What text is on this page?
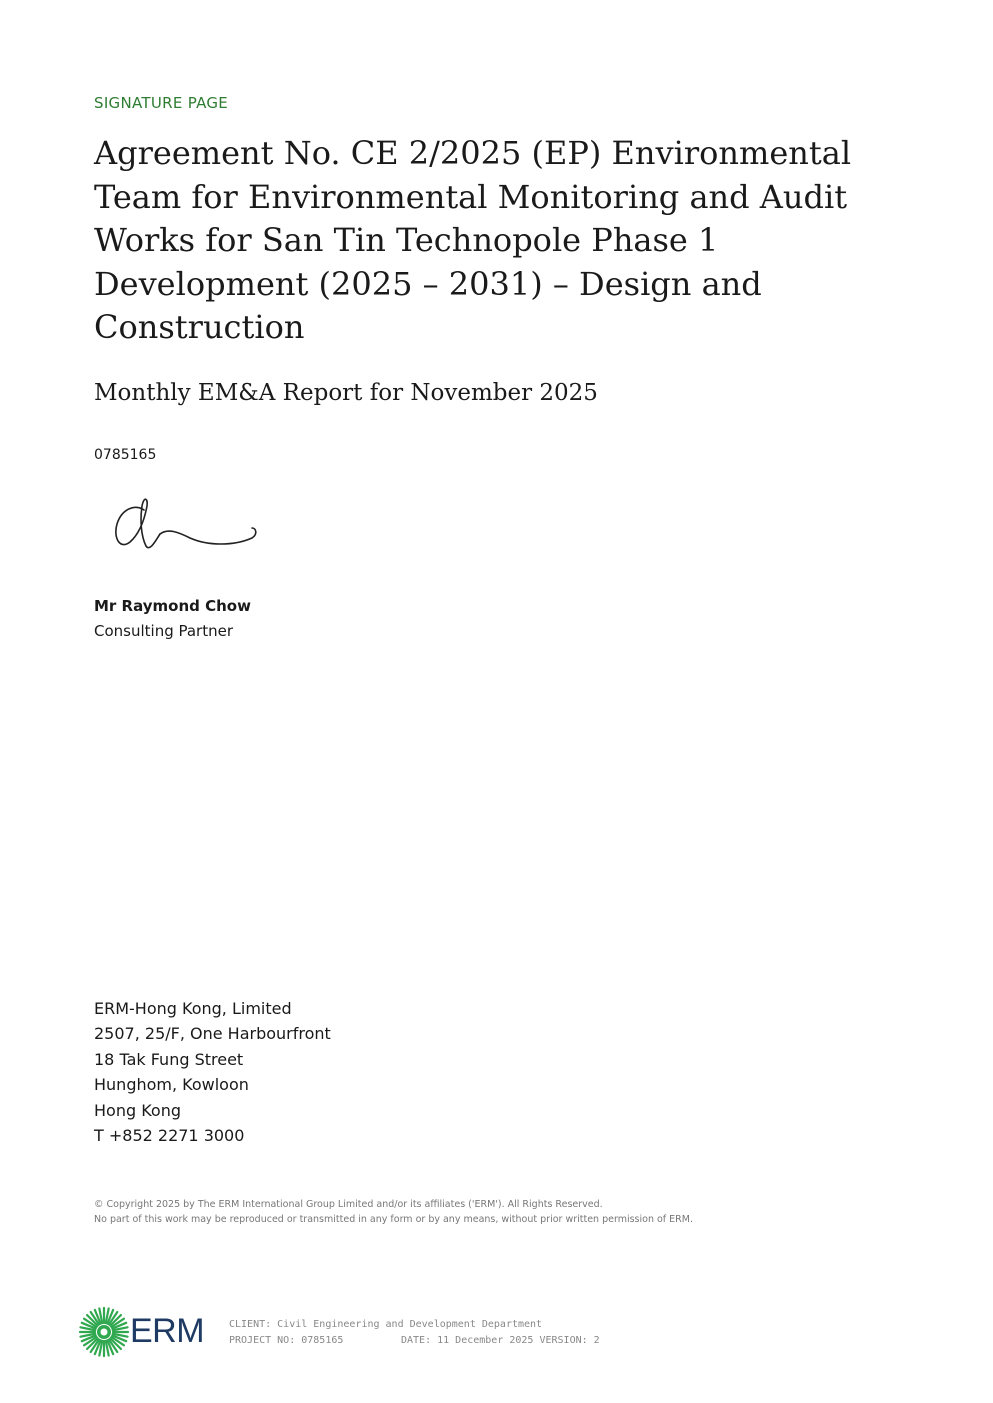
SIGNATURE PAGE
Agreement No. CE 2/2025 (EP) Environmental Team for Environmental Monitoring and Audit Works for San Tin Technopole Phase 1 Development (2025 – 2031) – Design and Construction
Monthly EM&A Report for November 2025
0785165
Mr Raymond Chow
Consulting Partner
ERM-Hong Kong, Limited
2507, 25/F, One Harbourfront
18 Tak Fung Street
Hunghom, Kowloon
Hong Kong
T +852 2271 3000
© Copyright 2025 by The ERM International Group Limited and/or its affiliates ('ERM'). All Rights Reserved.
No part of this work may be reproduced or transmitted in any form or by any means, without prior written permission of ERM.
ERM CLIENT: Civil Engineering and Development Department
PROJECT NO: 0785165	DATE: 11 December 2025 VERSION: 2
